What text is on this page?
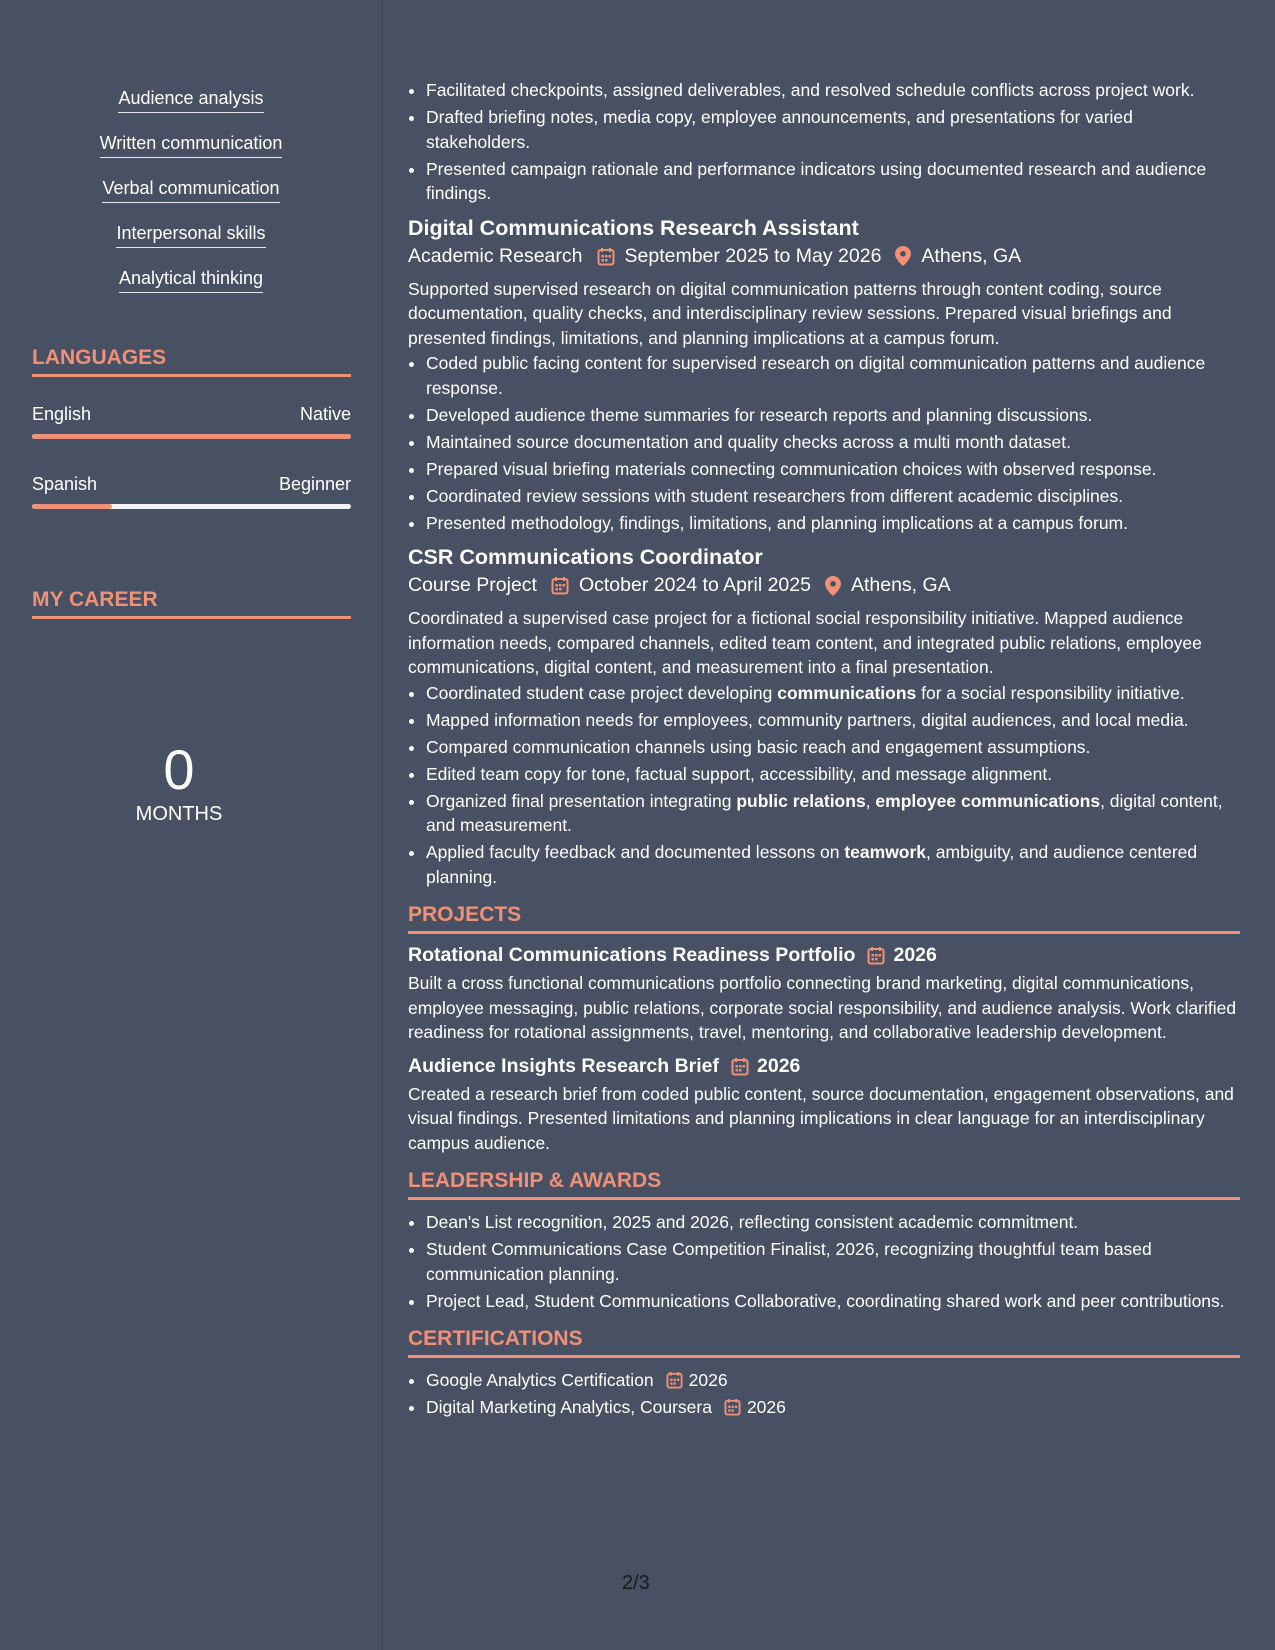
Audience analysis
Written communication
Verbal communication
Interpersonal skills
Analytical thinking
LANGUAGES
English	Native
Spanish	Beginner
MY CAREER
0
MONTHS
• Facilitated checkpoints, assigned deliverables, and resolved schedule conflicts across project work.
• Drafted briefing notes, media copy, employee announcements, and presentations for varied stakeholders.
• Presented campaign rationale and performance indicators using documented research and audience findings.
Digital Communications Research Assistant
Academic Research September 2025 to May 2026 Athens, GA
Supported supervised research on digital communication patterns through content coding, source documentation, quality checks, and interdisciplinary review sessions. Prepared visual briefings and presented findings, limitations, and planning implications at a campus forum.
• Coded public facing content for supervised research on digital communication patterns and audience response.
• Developed audience theme summaries for research reports and planning discussions.
• Maintained source documentation and quality checks across a multi month dataset.
• Prepared visual briefing materials connecting communication choices with observed response.
• Coordinated review sessions with student researchers from different academic disciplines.
• Presented methodology, findings, limitations, and planning implications at a campus forum.
CSR Communications Coordinator
Course Project October 2024 to April 2025 Athens, GA
Coordinated a supervised case project for a fictional social responsibility initiative. Mapped audience information needs, compared channels, edited team content, and integrated public relations, employee communications, digital content, and measurement into a final presentation.
• Coordinated student case project developing communications for a social responsibility initiative.
• Mapped information needs for employees, community partners, digital audiences, and local media.
• Compared communication channels using basic reach and engagement assumptions.
• Edited team copy for tone, factual support, accessibility, and message alignment.
• Organized final presentation integrating public relations, employee communications, digital content, and measurement.
• Applied faculty feedback and documented lessons on teamwork, ambiguity, and audience centered planning.
PROJECTS
Rotational Communications Readiness Portfolio 2026
Built a cross functional communications portfolio connecting brand marketing, digital communications, employee messaging, public relations, corporate social responsibility, and audience analysis. Work clarified readiness for rotational assignments, travel, mentoring, and collaborative leadership development.
Audience Insights Research Brief 2026
Created a research brief from coded public content, source documentation, engagement observations, and visual findings. Presented limitations and planning implications in clear language for an interdisciplinary campus audience.
LEADERSHIP & AWARDS
• Dean's List recognition, 2025 and 2026, reflecting consistent academic commitment.
• Student Communications Case Competition Finalist, 2026, recognizing thoughtful team based communication planning.
• Project Lead, Student Communications Collaborative, coordinating shared work and peer contributions.
CERTIFICATIONS
• Google Analytics Certification 2026
• Digital Marketing Analytics, Coursera 2026
2/3
